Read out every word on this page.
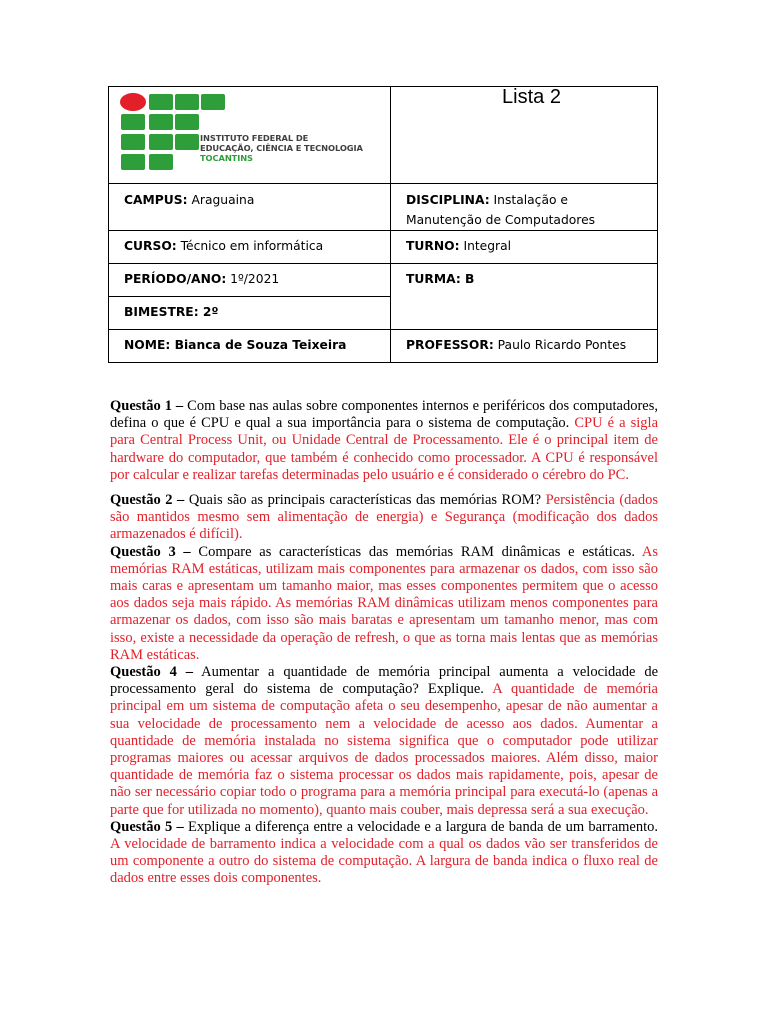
INSTITUTO FEDERAL DE
EDUCAÇÃO, CIÊNCIA E TECNOLOGIA
TOCANTINS	Lista 2
CAMPUS: Araguaina	DISCIPLINA: Instalação e
Manutenção de Computadores
CURSO: Técnico em informática	TURNO: Integral
PERÍODO/ANO: 1º/2021	TURMA: B
BIMESTRE: 2º	
NOME: Bianca de Souza Teixeira	PROFESSOR: Paulo Ricardo Pontes

Questão 1 – Com base nas aulas sobre componentes internos e periféricos dos computadores, defina o que é CPU e qual a sua importância para o sistema de computação. CPU é a sigla para Central Process Unit, ou Unidade Central de Processamento. Ele é o principal item de hardware do computador, que também é conhecido como processador. A CPU é responsável por calcular e realizar tarefas determinadas pelo usuário e é considerado o cérebro do PC.

Questão 2 – Quais são as principais características das memórias ROM? Persistência (dados são mantidos mesmo sem alimentação de energia) e Segurança (modificação dos dados armazenados é difícil).

Questão 3 – Compare as características das memórias RAM dinâmicas e estáticas. As memórias RAM estáticas, utilizam mais componentes para armazenar os dados, com isso são mais caras e apresentam um tamanho maior, mas esses componentes permitem que o acesso aos dados seja mais rápido. As memórias RAM dinâmicas utilizam menos componentes para armazenar os dados, com isso são mais baratas e apresentam um tamanho menor, mas com isso, existe a necessidade da operação de refresh, o que as torna mais lentas que as memórias RAM estáticas.

Questão 4 – Aumentar a quantidade de memória principal aumenta a velocidade de processamento geral do sistema de computação? Explique. A quantidade de memória principal em um sistema de computação afeta o seu desempenho, apesar de não aumentar a sua velocidade de processamento nem a velocidade de acesso aos dados. Aumentar a quantidade de memória instalada no sistema significa que o computador pode utilizar programas maiores ou acessar arquivos de dados processados maiores. Além disso, maior quantidade de memória faz o sistema processar os dados mais rapidamente, pois, apesar de não ser necessário copiar todo o programa para a memória principal para executá-lo (apenas a parte que for utilizada no momento), quanto mais couber, mais depressa será a sua execução.

Questão 5 – Explique a diferença entre a velocidade e a largura de banda de um barramento. A velocidade de barramento indica a velocidade com a qual os dados vão ser transferidos de um componente a outro do sistema de computação. A largura de banda indica o fluxo real de dados entre esses dois componentes.
